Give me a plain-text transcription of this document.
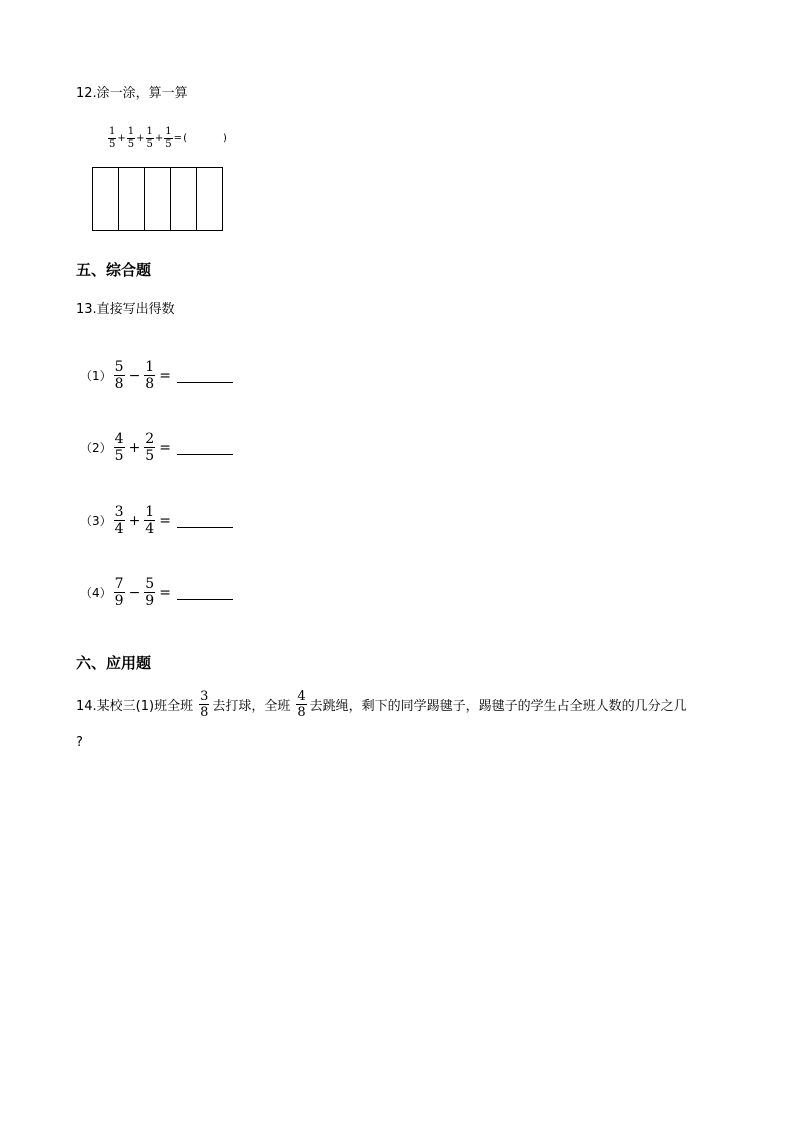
12.涂一涂，算一算
$\frac{1}{5} + \frac{1}{5} + \frac{1}{5} + \frac{1}{5}$ = (	)
五、综合题
13.直接写出得数
$(1) \frac{5}{8} - \frac{1}{8}$ =
$(2) \frac{4}{5} + \frac{2}{5}$ =
$(3) \frac{3}{4} + \frac{1}{4}$ =
$(4) \frac{7}{9} - \frac{5}{9}$ =
六、应用题
14.某校三(1)班全班 $\frac{3}{8}$ 去打球，全班 $\frac{4}{8}$ 去跳绳，剩下的同学踢毽子，踢毽子的学生占全班人数的几分之几
?
